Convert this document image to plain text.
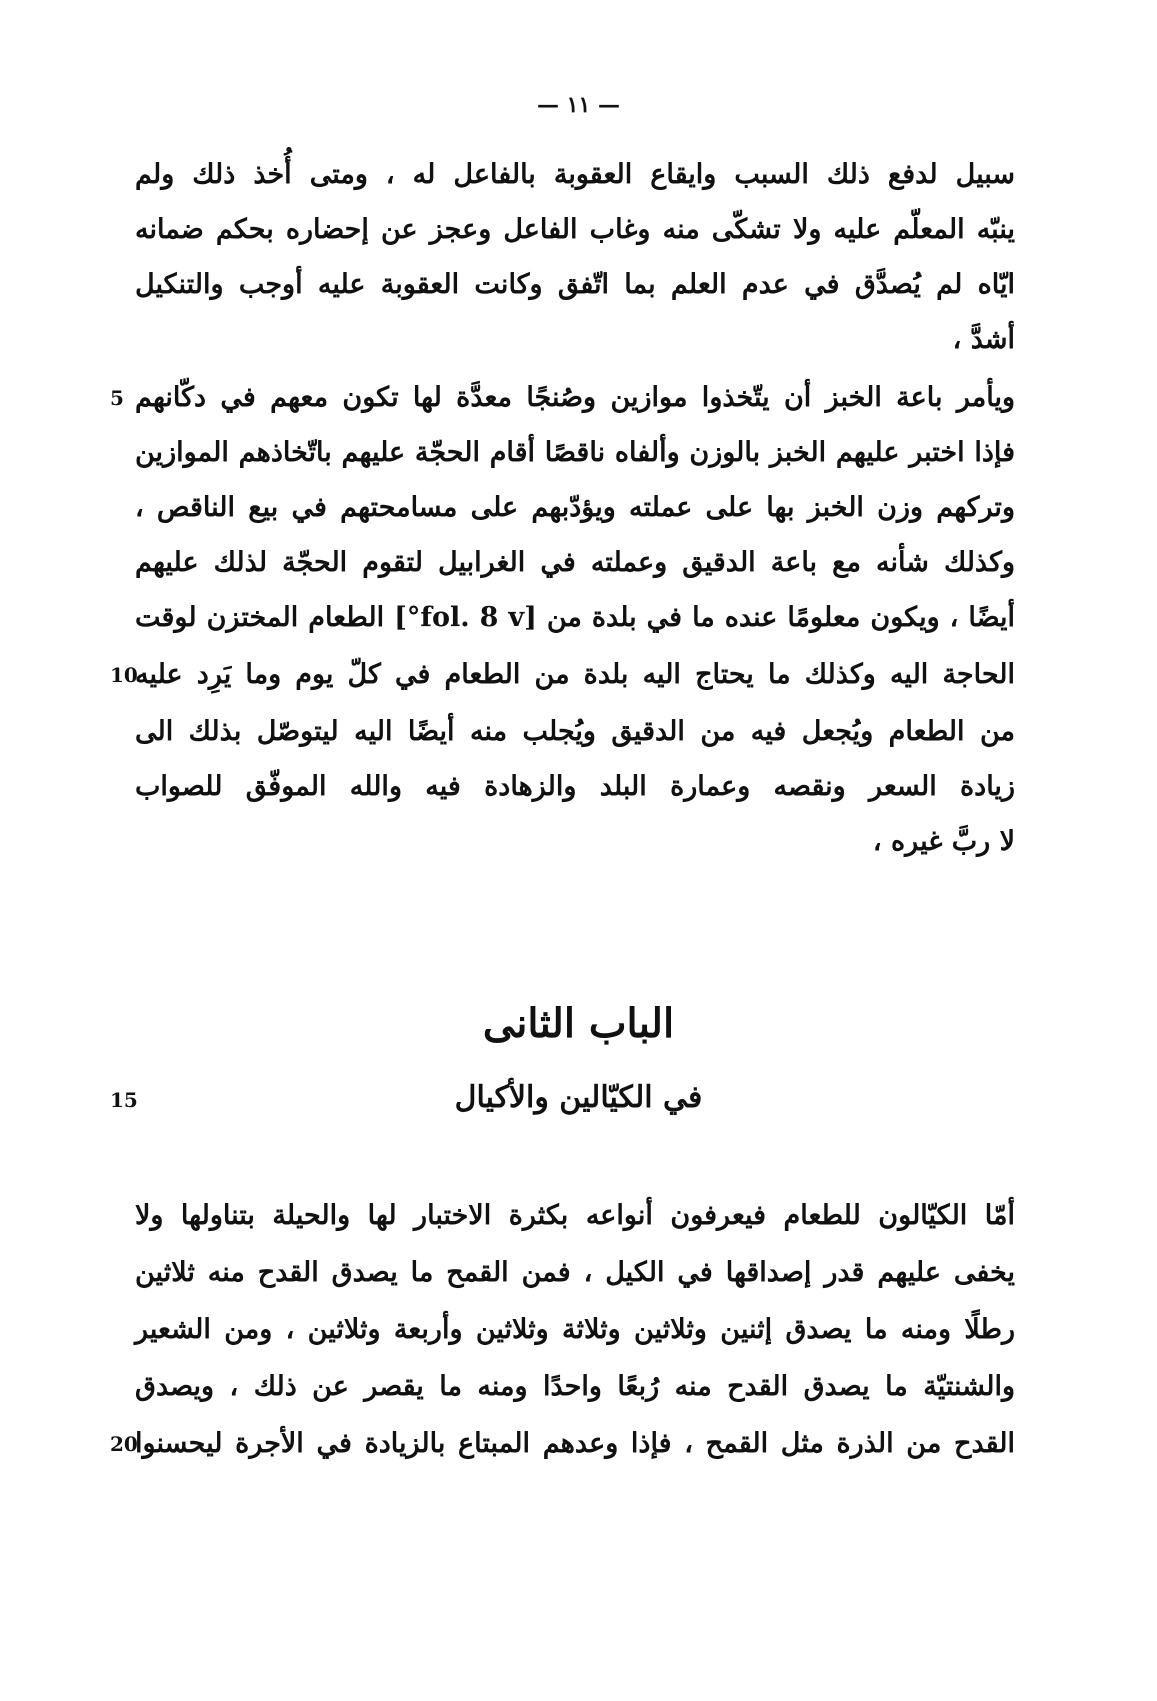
— ١١ —
سبيل لدفع ذلك السبب وايقاع العقوبة بالفاعل له ، ومتى أُخذ ذلك ولم
ينبّه المعلّم عليه ولا تشكّى منه وغاب الفاعل وعجز عن إحضاره بحكم ضمانه
ايّاه لم يُصدَّق في عدم العلم بما اتّفق وكانت العقوبة عليه أوجب والتنكيل
أشدَّ ،
ويأمر باعة الخبز أن يتّخذوا موازين وصُنجًا معدَّة لها تكون معهم في دكّانهم
فإذا اختبر عليهم الخبز بالوزن وألفاه ناقصًا أقام الحجّة عليهم باتّخاذهم الموازين
وتركهم وزن الخبز بها على عملته ويؤدّبهم على مسامحتهم في بيع الناقص ،
وكذلك شأنه مع باعة الدقيق وعملته في الغرابيل لتقوم الحجّة لذلك عليهم
أيضًا ، ويكون معلومًا عنده ما في بلدة من [fol. 8 v°] الطعام المختزن لوقت
الحاجة اليه وكذلك ما يحتاج اليه بلدة من الطعام في كلّ يوم وما يَرِد عليه
من الطعام ويُجعل فيه من الدقيق ويُجلب منه أيضًا اليه ليتوصّل بذلك الى
زيادة السعر ونقصه وعمارة البلد والزهادة فيه والله الموفّق للصواب
لا ربَّ غيره ،
الباب الثانى
في الكيّالين والأكيال
أمّا الكيّالون للطعام فيعرفون أنواعه بكثرة الاختبار لها والحيلة بتناولها ولا
يخفى عليهم قدر إصداقها في الكيل ، فمن القمح ما يصدق القدح منه ثلاثين
رطلًا ومنه ما يصدق إثنين وثلاثين وثلاثة وثلاثين وأربعة وثلاثين ، ومن الشعير
والشنتيّة ما يصدق القدح منه رُبعًا واحدًا ومنه ما يقصر عن ذلك ، ويصدق
القدح من الذرة مثل القمح ، فإذا وعدهم المبتاع بالزيادة في الأجرة ليحسنوا
5
10
15
20
